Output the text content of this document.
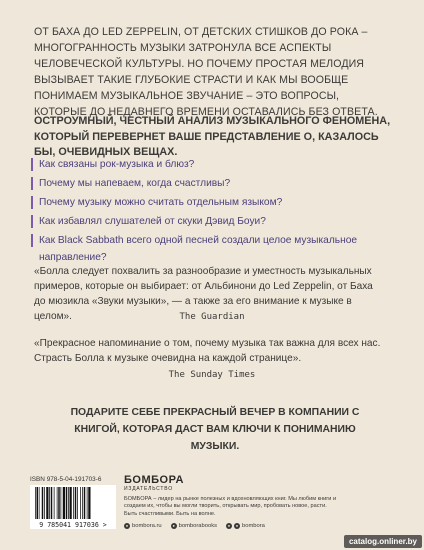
ОТ БАХА ДО LED ZEPPELIN, ОТ ДЕТСКИХ СТИШКОВ ДО РОКА – МНОГОГРАННОСТЬ МУЗЫКИ ЗАТРОНУЛА ВСЕ АСПЕКТЫ ЧЕЛОВЕЧЕСКОЙ КУЛЬТУРЫ. НО ПОЧЕМУ ПРОСТАЯ МЕЛОДИЯ ВЫЗЫВАЕТ ТАКИЕ ГЛУБОКИЕ СТРАСТИ И КАК МЫ ВООБЩЕ ПОНИМАЕМ МУЗЫКАЛЬНОЕ ЗВУЧАНИЕ – ЭТО ВОПРОСЫ, КОТОРЫЕ ДО НЕДАВНЕГО ВРЕМЕНИ ОСТАВАЛИСЬ БЕЗ ОТВЕТА.
ОСТРОУМНЫЙ, ЧЕСТНЫЙ АНАЛИЗ МУЗЫКАЛЬНОГО ФЕНОМЕНА, КОТОРЫЙ ПЕРЕВЕРНЕТ ВАШЕ ПРЕДСТАВЛЕНИЕ О, КАЗАЛОСЬ БЫ, ОЧЕВИДНЫХ ВЕЩАХ.
Как связаны рок-музыка и блюз?
Почему мы напеваем, когда счастливы?
Почему музыку можно считать отдельным языком?
Как избавлял слушателей от скуки Дэвид Боуи?
Как Black Sabbath всего одной песней создали целое музыкальное направление?
«Болла следует похвалить за разнообразие и уместность музыкальных примеров, которые он выбирает: от Альбинони до Led Zeppelin, от Баха до мюзикла «Звуки музыки», — а также за его внимание к музыке в целом».	The Guardian
«Прекрасное напоминание о том, почему музыка так важна для всех нас. Страсть Болла к музыке очевидна на каждой странице».
The Sunday Times
ПОДАРИТЕ СЕБЕ ПРЕКРАСНЫЙ ВЕЧЕР В КОМПАНИИ С КНИГОЙ, КОТОРАЯ ДАСТ ВАМ КЛЮЧИ К ПОНИМАНИЮ МУЗЫКИ.
ISBN 978-5-04-191703-6
9 785041 917036 >
БОМБОРА
ИЗДАТЕЛЬСТВО
БОМБОРА – лидер на рынке полезных и вдохновляющих книг. Мы любим книги и создаем их, чтобы вы могли творить, открывать мир, пробовать новое, расти. Быть счастливыми. Быть на волне.
● bombora.ru	● bomborabooks	●	● bombora
catalog.onliner.by
